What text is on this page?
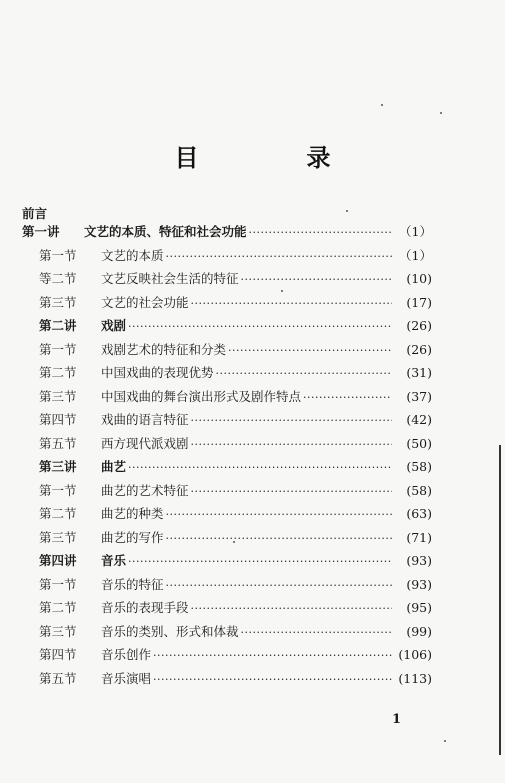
目　录
前言
第一讲	文艺的本质、特征和社会功能 ·····	（1）
第一节	文艺的本质 ·····	（1）
等二节	文艺反映社会生活的特征 ·····	(10)
第三节	文艺的社会功能 ·····	(17)
第二讲	戏剧 ·····	(26)
第一节	戏剧艺术的特征和分类 ·····	(26)
第二节	中国戏曲的表现优势 ·····	(31)
第三节	中国戏曲的舞台演出形式及剧作特点 ·····	(37)
第四节	戏曲的语言特征 ·····	(42)
第五节	西方现代派戏剧 ·····	(50)
第三讲	曲艺 ·····	(58)
第一节	曲艺的艺术特征 ·····	(58)
第二节	曲艺的种类 ·····	(63)
第三节	曲艺的写作 ·····	(71)
第四讲	音乐 ·····	(93)
第一节	音乐的特征 ·····	(93)
第二节	音乐的表现手段 ·····	(95)
第三节	音乐的类别、形式和体裁 ·····	(99)
第四节	音乐创作 ·····	(106)
第五节	音乐演唱 ·····	(113)
1
